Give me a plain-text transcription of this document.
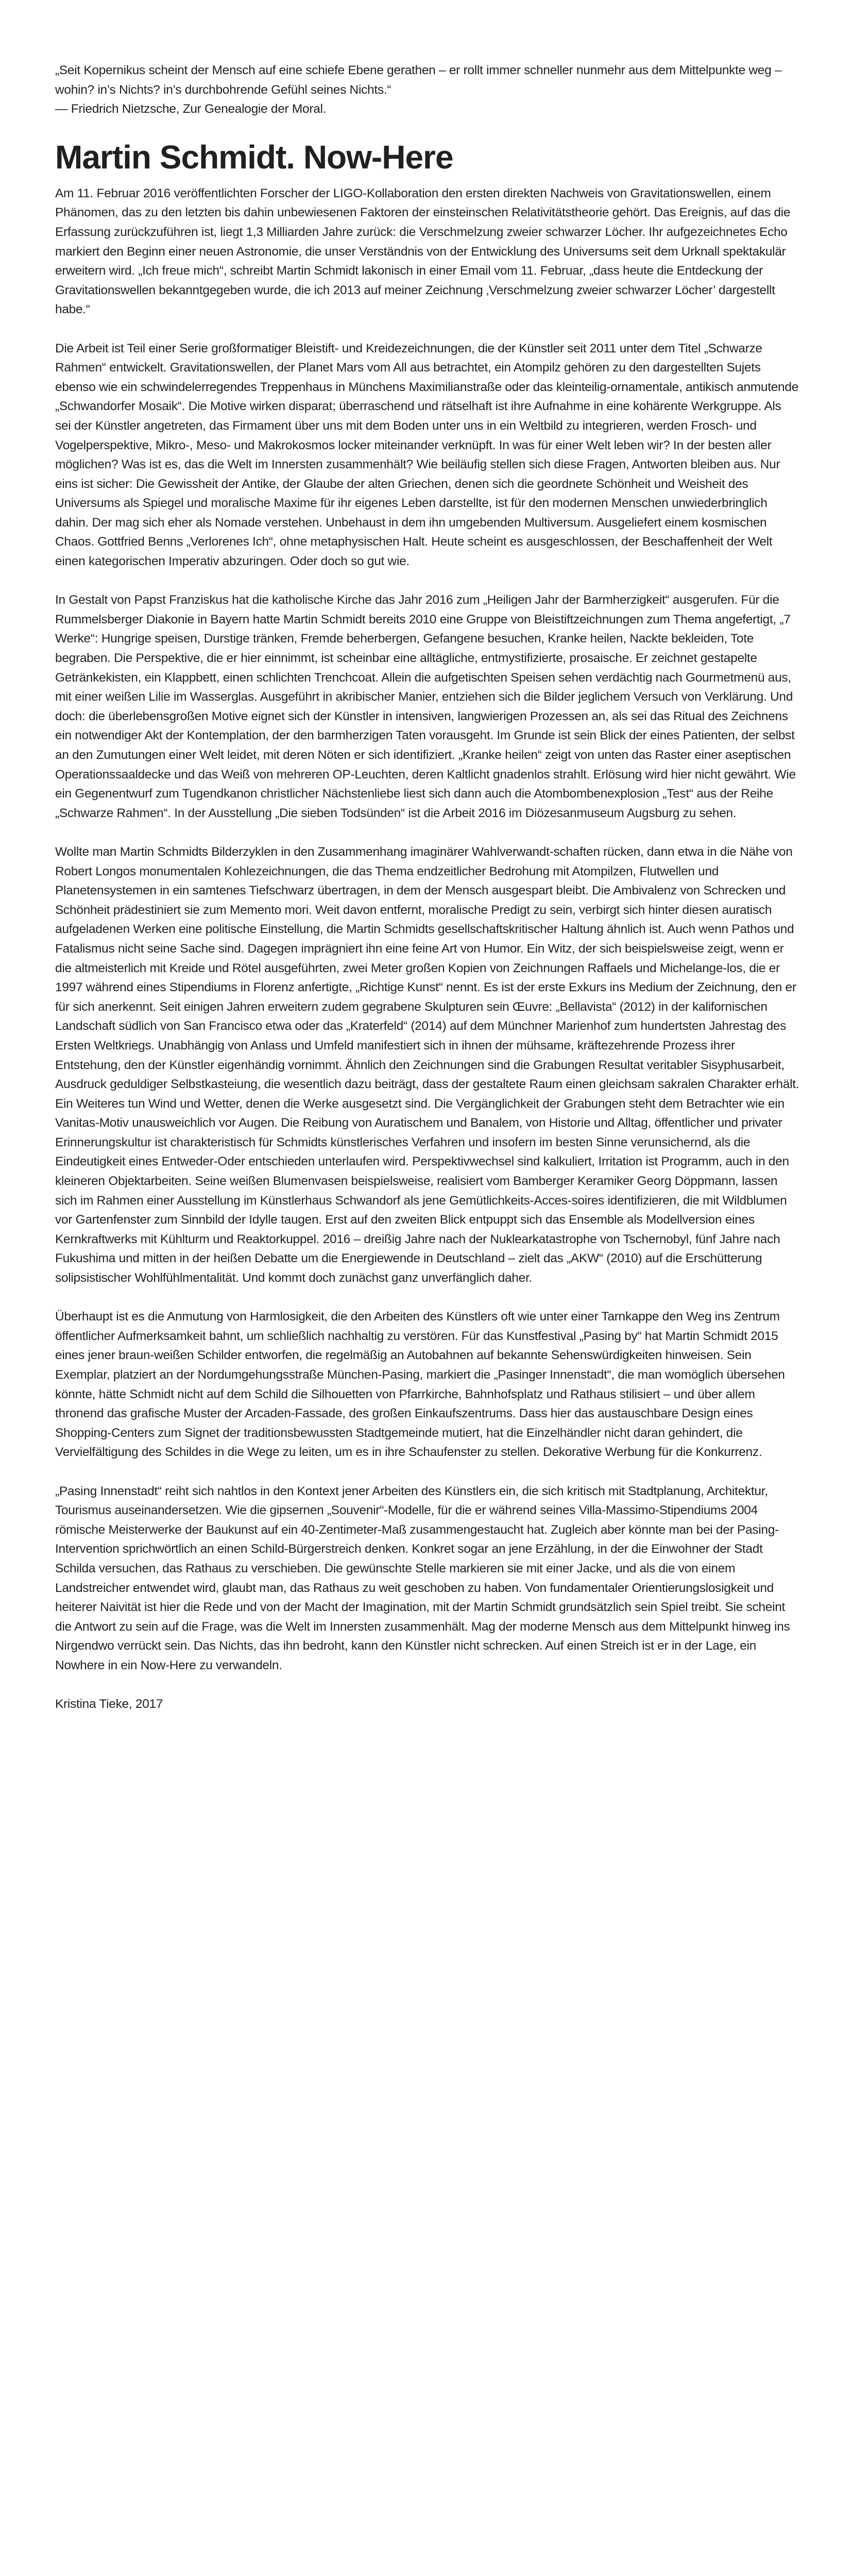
„Seit Kopernikus scheint der Mensch auf eine schiefe Ebene gerathen – er rollt immer schneller nunmehr aus dem Mittelpunkte weg – wohin? in’s Nichts? in’s durchbohrende Gefühl seines Nichts.“

— Friedrich Nietzsche, Zur Genealogie der Moral.

Martin Schmidt. Now-Here

Am 11. Februar 2016 veröffentlichten Forscher der LIGO-Kollaboration den ersten direkten Nachweis von Gravitationswellen, einem Phänomen, das zu den letzten bis dahin unbewiesenen Faktoren der einsteinschen Relativitätstheorie gehört. Das Ereignis, auf das die Erfassung zurückzuführen ist, liegt 1,3 Milliarden Jahre zurück: die Verschmelzung zweier schwarzer Löcher. Ihr aufgezeichnetes Echo markiert den Beginn einer neuen Astronomie, die unser Verständnis von der Entwicklung des Universums seit dem Urknall spektakulär erweitern wird. „Ich freue mich“, schreibt Martin Schmidt lakonisch in einer Email vom 11. Februar, „dass heute die Entdeckung der Gravitationswellen bekanntgegeben wurde, die ich 2013 auf meiner Zeichnung ‚Verschmelzung zweier schwarzer Löcher’ dargestellt habe.“

Die Arbeit ist Teil einer Serie großformatiger Bleistift- und Kreidezeichnungen, die der Künstler seit 2011 unter dem Titel „Schwarze Rahmen“ entwickelt. Gravitationswellen, der Planet Mars vom All aus betrachtet, ein Atompilz gehören zu den dargestellten Sujets ebenso wie ein schwindelerregendes Treppenhaus in Münchens Maximilianstraße oder das kleinteilig-ornamentale, antikisch anmutende „Schwandorfer Mosaik“. Die Motive wirken disparat; überraschend und rätselhaft ist ihre Aufnahme in eine kohärente Werkgruppe. Als sei der Künstler angetreten, das Firmament über uns mit dem Boden unter uns in ein Weltbild zu integrieren, werden Frosch- und Vogelperspektive, Mikro-, Meso- und Makrokosmos locker miteinander verknüpft. In was für einer Welt leben wir? In der besten aller möglichen? Was ist es, das die Welt im Innersten zusammenhält? Wie beiläufig stellen sich diese Fragen, Antworten bleiben aus. Nur eins ist sicher: Die Gewissheit der Antike, der Glaube der alten Griechen, denen sich die geordnete Schönheit und Weisheit des Universums als Spiegel und moralische Maxime für ihr eigenes Leben darstellte, ist für den modernen Menschen unwiederbringlich dahin. Der mag sich eher als Nomade verstehen. Unbehaust in dem ihn umgebenden Multiversum. Ausgeliefert einem kosmischen Chaos. Gottfried Benns „Verlorenes Ich“, ohne metaphysischen Halt. Heute scheint es ausgeschlossen, der Beschaffenheit der Welt einen kategorischen Imperativ abzuringen. Oder doch so gut wie.

In Gestalt von Papst Franziskus hat die katholische Kirche das Jahr 2016 zum „Heiligen Jahr der Barmherzigkeit“ ausgerufen. Für die Rummelsberger Diakonie in Bayern hatte Martin Schmidt bereits 2010 eine Gruppe von Bleistiftzeichnungen zum Thema angefertigt, „7 Werke“: Hungrige speisen, Durstige tränken, Fremde beherbergen, Gefangene besuchen, Kranke heilen, Nackte bekleiden, Tote begraben. Die Perspektive, die er hier einnimmt, ist scheinbar eine alltägliche, entmystifizierte, prosaische. Er zeichnet gestapelte Getränkekisten, ein Klappbett, einen schlichten Trenchcoat. Allein die aufgetischten Speisen sehen verdächtig nach Gourmetmenü aus, mit einer weißen Lilie im Wasserglas. Ausgeführt in akribischer Manier, entziehen sich die Bilder jeglichem Versuch von Verklärung. Und doch: die überlebensgroßen Motive eignet sich der Künstler in intensiven, langwierigen Prozessen an, als sei das Ritual des Zeichnens ein notwendiger Akt der Kontemplation, der den barmherzigen Taten vorausgeht. Im Grunde ist sein Blick der eines Patienten, der selbst an den Zumutungen einer Welt leidet, mit deren Nöten er sich identifiziert. „Kranke heilen“ zeigt von unten das Raster einer aseptischen Operationssaaldecke und das Weiß von mehreren OP-Leuchten, deren Kaltlicht gnadenlos strahlt. Erlösung wird hier nicht gewährt. Wie ein Gegenentwurf zum Tugendkanon christlicher Nächstenliebe liest sich dann auch die Atombombenexplosion „Test“ aus der Reihe „Schwarze Rahmen“. In der Ausstellung „Die sieben Todsünden“ ist die Arbeit 2016 im Diözesanmuseum Augsburg zu sehen.

Wollte man Martin Schmidts Bilderzyklen in den Zusammenhang imaginärer Wahlverwandt-schaften rücken, dann etwa in die Nähe von Robert Longos monumentalen Kohlezeichnungen, die das Thema endzeitlicher Bedrohung mit Atompilzen, Flutwellen und Planetensystemen in ein samtenes Tiefschwarz übertragen, in dem der Mensch ausgespart bleibt. Die Ambivalenz von Schrecken und Schönheit prädestiniert sie zum Memento mori. Weit davon entfernt, moralische Predigt zu sein, verbirgt sich hinter diesen auratisch aufgeladenen Werken eine politische Einstellung, die Martin Schmidts gesellschaftskritischer Haltung ähnlich ist. Auch wenn Pathos und Fatalismus nicht seine Sache sind. Dagegen imprägniert ihn eine feine Art von Humor. Ein Witz, der sich beispielsweise zeigt, wenn er die altmeisterlich mit Kreide und Rötel ausgeführten, zwei Meter großen Kopien von Zeichnungen Raffaels und Michelange-los, die er 1997 während eines Stipendiums in Florenz anfertigte, „Richtige Kunst“ nennt. Es ist der erste Exkurs ins Medium der Zeichnung, den er für sich anerkennt. Seit einigen Jahren erweitern zudem gegrabene Skulpturen sein Œuvre: „Bellavista“ (2012) in der kalifornischen Landschaft südlich von San Francisco etwa oder das „Kraterfeld“ (2014) auf dem Münchner Marienhof zum hundertsten Jahrestag des Ersten Weltkriegs. Unabhängig von Anlass und Umfeld manifestiert sich in ihnen der mühsame, kräftezehrende Prozess ihrer Entstehung, den der Künstler eigenhändig vornimmt. Ähnlich den Zeichnungen sind die Grabungen Resultat veritabler Sisyphusarbeit, Ausdruck geduldiger Selbstkasteiung, die wesentlich dazu beiträgt, dass der gestaltete Raum einen gleichsam sakralen Charakter erhält. Ein Weiteres tun Wind und Wetter, denen die Werke ausgesetzt sind. Die Vergänglichkeit der Grabungen steht dem Betrachter wie ein Vanitas-Motiv unausweichlich vor Augen. Die Reibung von Auratischem und Banalem, von Historie und Alltag, öffentlicher und privater Erinnerungskultur ist charakteristisch für Schmidts künstlerisches Verfahren und insofern im besten Sinne verunsichernd, als die Eindeutigkeit eines Entweder-Oder entschieden unterlaufen wird. Perspektivwechsel sind kalkuliert, Irritation ist Programm, auch in den kleineren Objektarbeiten. Seine weißen Blumenvasen beispielsweise, realisiert vom Bamberger Keramiker Georg Döppmann, lassen sich im Rahmen einer Ausstellung im Künstlerhaus Schwandorf als jene Gemütlichkeits-Acces-soires identifizieren, die mit Wildblumen vor Gartenfenster zum Sinnbild der Idylle taugen. Erst auf den zweiten Blick entpuppt sich das Ensemble als Modellversion eines Kernkraftwerks mit Kühlturm und Reaktorkuppel. 2016 – dreißig Jahre nach der Nuklearkatastrophe von Tschernobyl, fünf Jahre nach Fukushima und mitten in der heißen Debatte um die Energiewende in Deutschland – zielt das „AKW“ (2010) auf die Erschütterung solipsistischer Wohlfühlmentalität. Und kommt doch zunächst ganz unverfänglich daher.

Überhaupt ist es die Anmutung von Harmlosigkeit, die den Arbeiten des Künstlers oft wie unter einer Tarnkappe den Weg ins Zentrum öffentlicher Aufmerksamkeit bahnt, um schließlich nachhaltig zu verstören. Für das Kunstfestival „Pasing by“ hat Martin Schmidt 2015 eines jener braun-weißen Schilder entworfen, die regelmäßig an Autobahnen auf bekannte Sehenswürdigkeiten hinweisen. Sein Exemplar, platziert an der Nordumgehungsstraße München-Pasing, markiert die „Pasinger Innenstadt“, die man womöglich übersehen könnte, hätte Schmidt nicht auf dem Schild die Silhouetten von Pfarrkirche, Bahnhofsplatz und Rathaus stilisiert – und über allem thronend das grafische Muster der Arcaden-Fassade, des großen Einkaufszentrums. Dass hier das austauschbare Design eines Shopping-Centers zum Signet der traditionsbewussten Stadtgemeinde mutiert, hat die Einzelhändler nicht daran gehindert, die Vervielfältigung des Schildes in die Wege zu leiten, um es in ihre Schaufenster zu stellen. Dekorative Werbung für die Konkurrenz.

„Pasing Innenstadt“ reiht sich nahtlos in den Kontext jener Arbeiten des Künstlers ein, die sich kritisch mit Stadtplanung, Architektur, Tourismus auseinandersetzen. Wie die gipsernen „Souvenir“-Modelle, für die er während seines Villa-Massimo-Stipendiums 2004 römische Meisterwerke der Baukunst auf ein 40-Zentimeter-Maß zusammengestaucht hat. Zugleich aber könnte man bei der Pasing-Intervention sprichwörtlich an einen Schild-Bürgerstreich denken. Konkret sogar an jene Erzählung, in der die Einwohner der Stadt Schilda versuchen, das Rathaus zu verschieben. Die gewünschte Stelle markieren sie mit einer Jacke, und als die von einem Landstreicher entwendet wird, glaubt man, das Rathaus zu weit geschoben zu haben. Von fundamentaler Orientierungslosigkeit und heiterer Naivität ist hier die Rede und von der Macht der Imagination, mit der Martin Schmidt grundsätzlich sein Spiel treibt. Sie scheint die Antwort zu sein auf die Frage, was die Welt im Innersten zusammenhält. Mag der moderne Mensch aus dem Mittelpunkt hinweg ins Nirgendwo verrückt sein. Das Nichts, das ihn bedroht, kann den Künstler nicht schrecken. Auf einen Streich ist er in der Lage, ein Nowhere in ein Now-Here zu verwandeln.

Kristina Tieke, 2017
